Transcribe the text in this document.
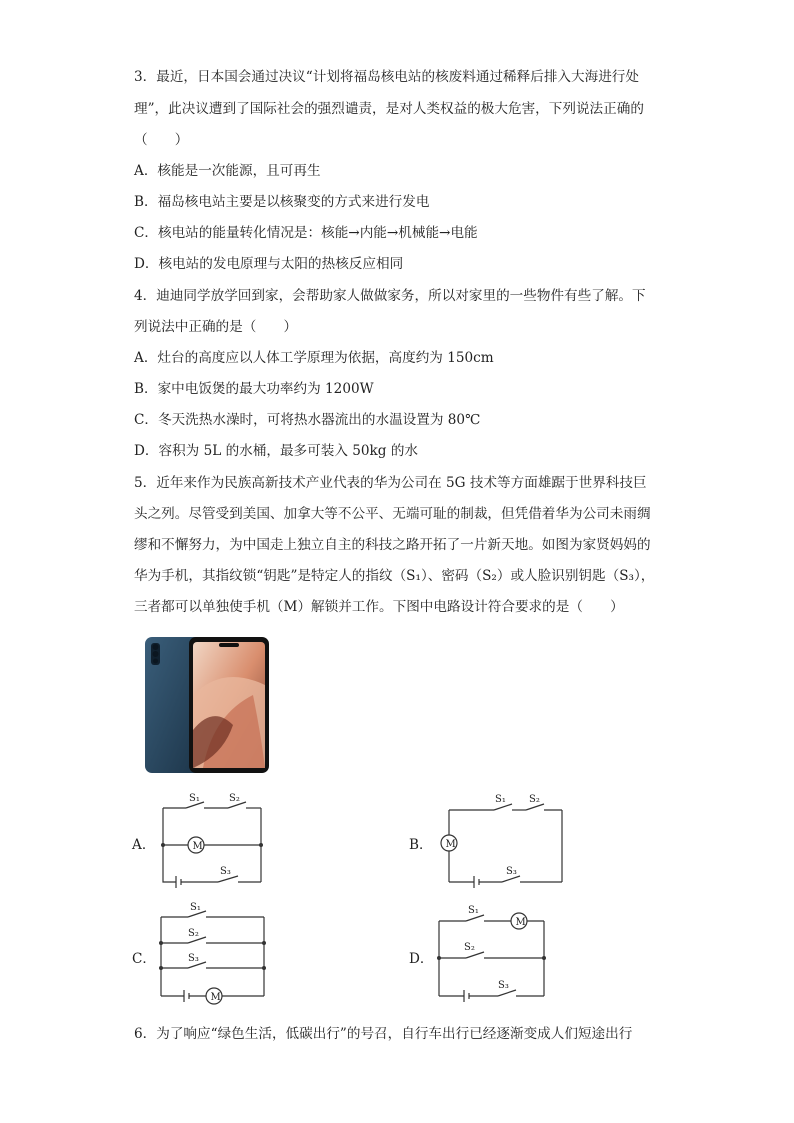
3．最近，日本国会通过决议“计划将福岛核电站的核废料通过稀释后排入大海进行处
理”，此决议遭到了国际社会的强烈谴责，是对人类权益的极大危害，下列说法正确的
（　　）
A．核能是一次能源，且可再生
B．福岛核电站主要是以核聚变的方式来进行发电
C．核电站的能量转化情况是：核能→内能→机械能→电能
D．核电站的发电原理与太阳的热核反应相同
4．迪迪同学放学回到家，会帮助家人做做家务，所以对家里的一些物件有些了解。下
列说法中正确的是（　　）
A．灶台的高度应以人体工学原理为依据，高度约为 150cm
B．家中电饭煲的最大功率约为 1200W
C．冬天洗热水澡时，可将热水器流出的水温设置为 80℃
D．容积为 5L 的水桶，最多可装入 50kg 的水
5．近年来作为民族高新技术产业代表的华为公司在 5G 技术等方面雄踞于世界科技巨
头之列。尽管受到美国、加拿大等不公平、无端可耻的制裁，但凭借着华为公司未雨绸
缪和不懈努力，为中国走上独立自主的科技之路开拓了一片新天地。如图为家贤妈妈的
华为手机，其指纹锁“钥匙”是特定人的指纹（S₁）、密码（S₂）或人脸识别钥匙（S₃），
三者都可以单独使手机（M）解锁并工作。下图中电路设计符合要求的是（　　）
A．	M
S₁	S₂
S₃
B． M
S₁ S₂
S₃
C．
M
S₁
S₂
S₃	D．
M
S₁
S₂
S₃
6．为了响应“绿色生活，低碳出行”的号召，自行车出行已经逐渐变成人们短途出行
